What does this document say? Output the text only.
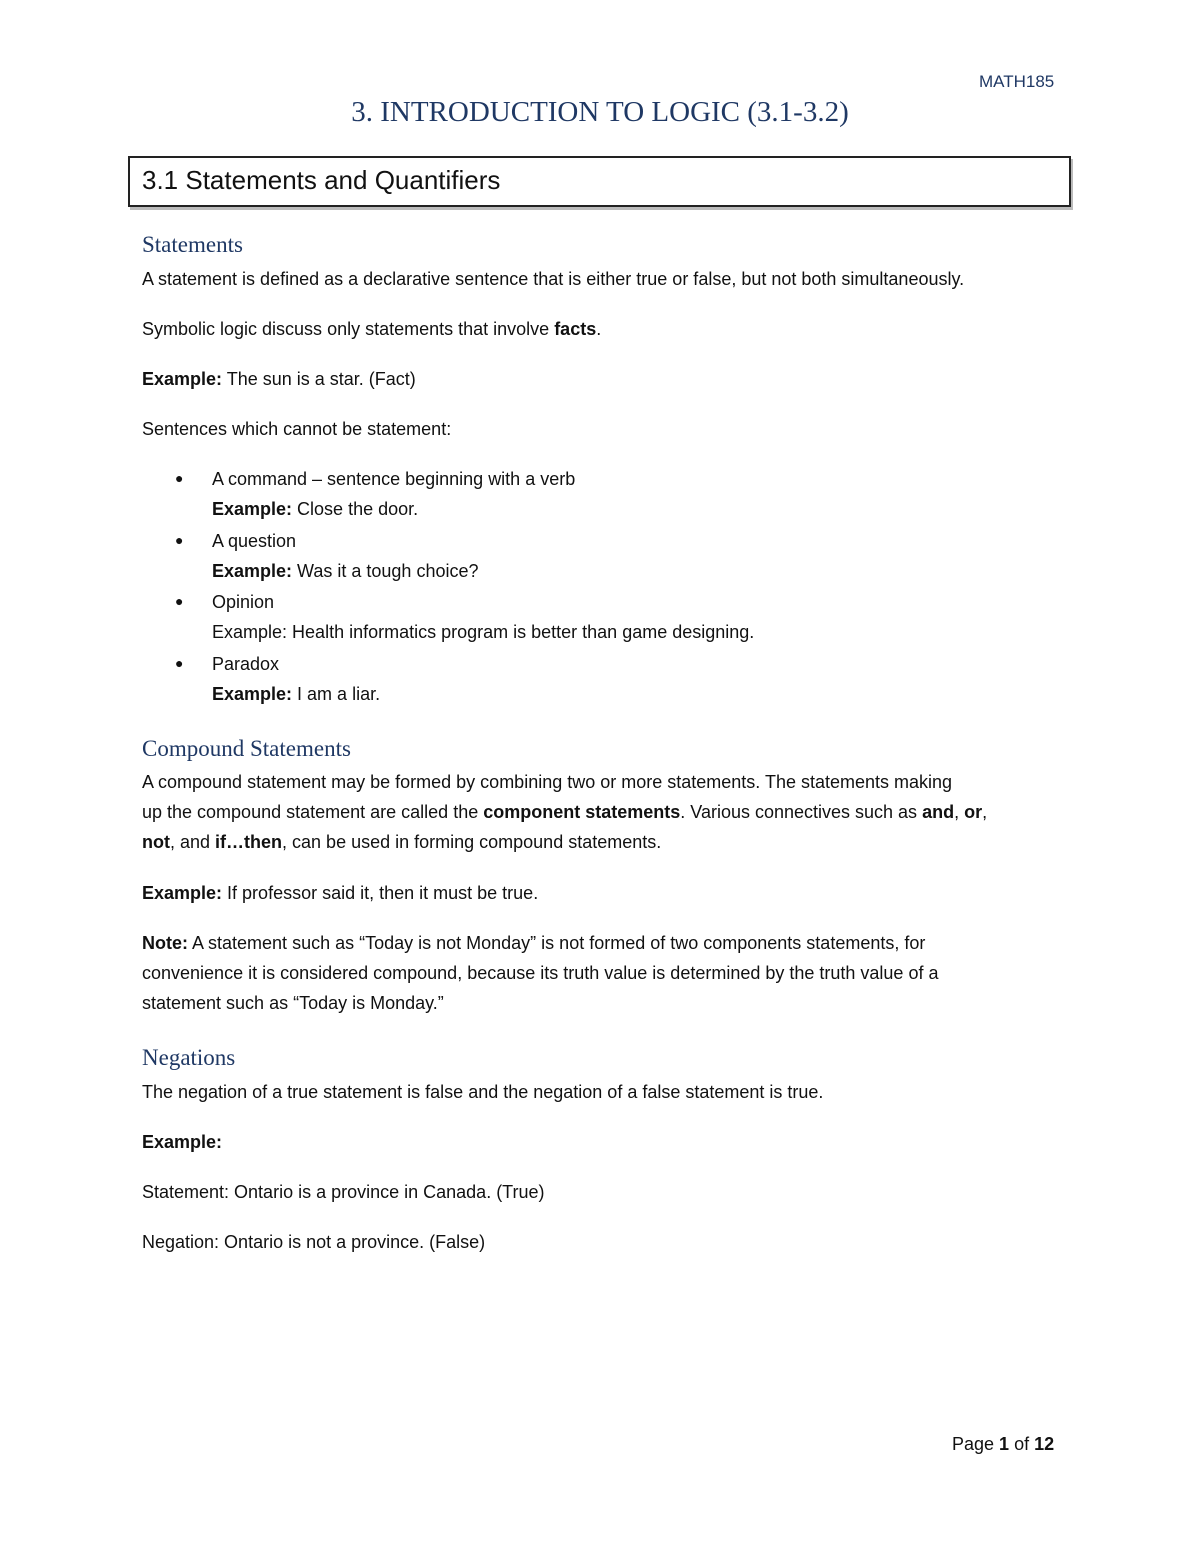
MATH185
3. INTRODUCTION TO LOGIC (3.1-3.2)
3.1 Statements and Quantifiers
Statements

A statement is defined as a declarative sentence that is either true or false, but not both simultaneously.

Symbolic logic discuss only statements that involve facts.

Example: The sun is a star. (Fact)

Sentences which cannot be statement:

● A command – sentence beginning with a verb
Example: Close the door.

● A question
Example: Was it a tough choice?

● Opinion
Example: Health informatics program is better than game designing.

● Paradox
Example: I am a liar.

Compound Statements

A compound statement may be formed by combining two or more statements. The statements making
up the compound statement are called the component statements. Various connectives such as and, or,
not, and if…then, can be used in forming compound statements.

Example: If professor said it, then it must be true.

Note: A statement such as “Today is not Monday” is not formed of two components statements, for
convenience it is considered compound, because its truth value is determined by the truth value of a
statement such as “Today is Monday.”

Negations

The negation of a true statement is false and the negation of a false statement is true.

Example:

Statement: Ontario is a province in Canada. (True)

Negation: Ontario is not a province. (False)

Page 1 of 12
